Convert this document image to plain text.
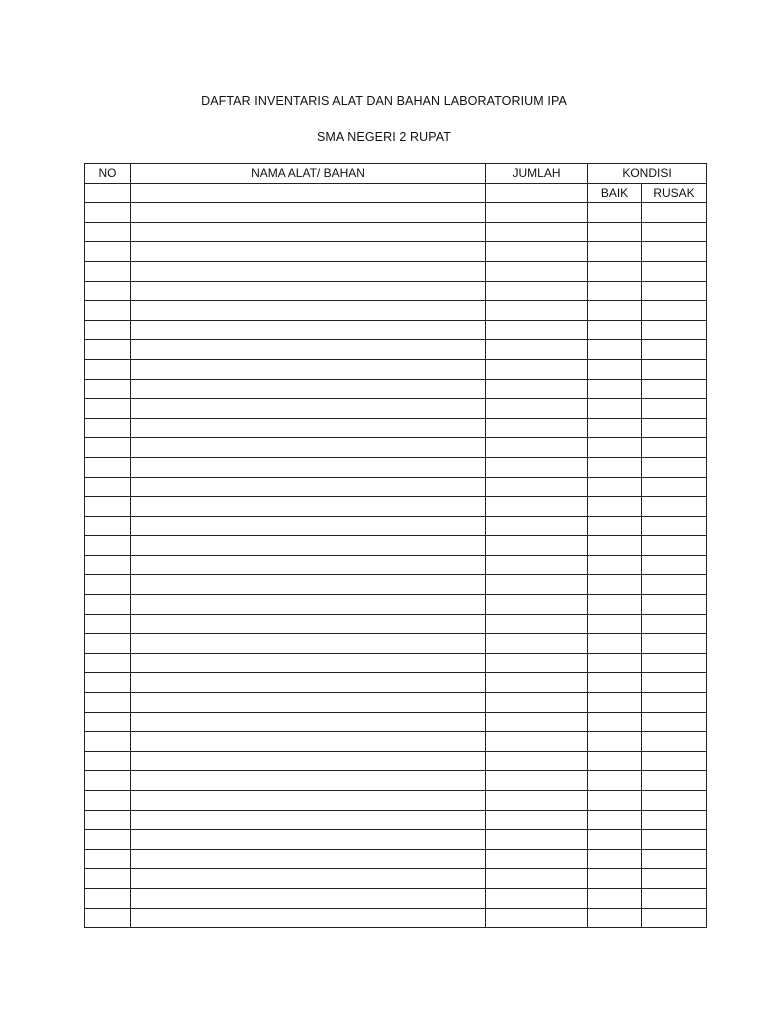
DAFTAR INVENTARIS ALAT DAN BAHAN LABORATORIUM IPA
SMA NEGERI 2 RUPAT
NO	NAMA ALAT/ BAHAN	JUMLAH	KONDISI	
			BAIK	RUSAK
